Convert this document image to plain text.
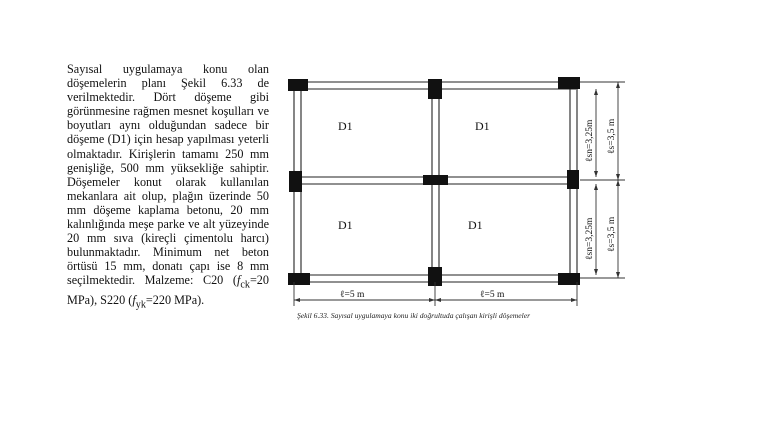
Sayısal uygulamaya konu olan döşemelerin planı Şekil 6.33 de verilmektedir. Dört döşeme gibi görünmesine rağmen mesnet koşulları ve boyutları aynı olduğundan sadece bir döşeme (D1) için hesap yapılması yeterli olmaktadır. Kirişlerin tamamı 250 mm genişliğe, 500 mm yüksekliğe sahiptir. Döşemeler konut olarak kullanılan mekanlara ait olup, plağın üzerinde 50 mm döşeme kaplama betonu, 20 mm kalınlığında meşe parke ve alt yüzeyinde 20 mm sıva (kireçli çimentolu harcı) bulunmaktadır. Minimum net beton örtüsü 15 mm, donatı çapı ise 8 mm seçilmektedir. Malzeme: C20 ($f_{ck}=20$ MPa), S220 ($f_{yk}=220$ MPa).

D1	D1
D1	D1
ℓ=5 m	ℓ=5 m
ℓsn=3,25m ℓs=3,5 m
ℓsn=3,25m ℓs=3,5 m
Şekil 6.33. Sayısal uygulamaya konu iki doğrultuda çalışan kirişli döşemeler
